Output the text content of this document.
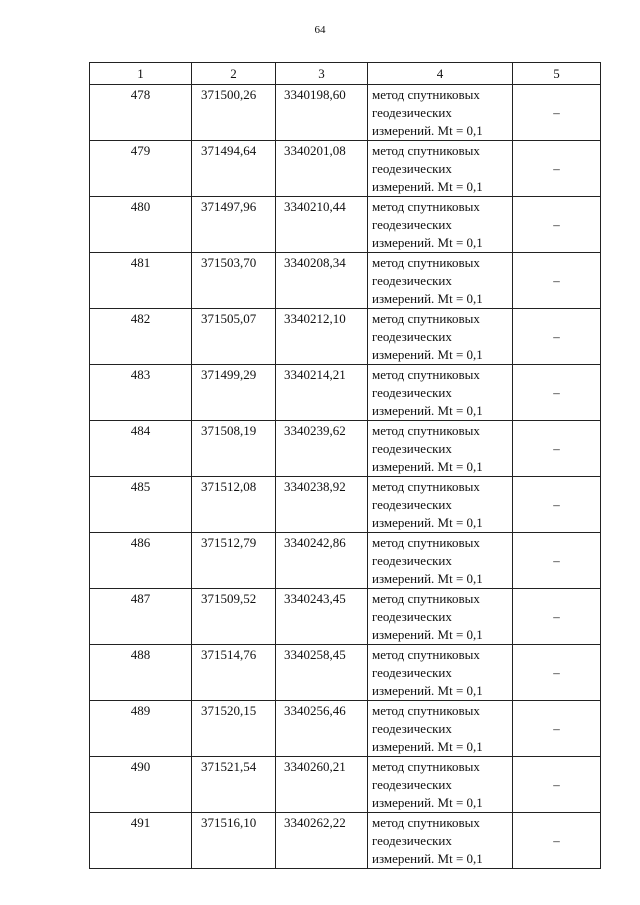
64
1	2	3	4	5
478	371500,26	3340198,60	метод спутниковых
геодезических
измерений. Mt = 0,1	–
479	371494,64	3340201,08	метод спутниковых
геодезических
измерений. Mt = 0,1	–
480	371497,96	3340210,44	метод спутниковых
геодезических
измерений. Mt = 0,1	–
481	371503,70	3340208,34	метод спутниковых
геодезических
измерений. Mt = 0,1	–
482	371505,07	3340212,10	метод спутниковых
геодезических
измерений. Mt = 0,1	–
483	371499,29	3340214,21	метод спутниковых
геодезических
измерений. Mt = 0,1	–
484	371508,19	3340239,62	метод спутниковых
геодезических
измерений. Mt = 0,1	–
485	371512,08	3340238,92	метод спутниковых
геодезических
измерений. Mt = 0,1	–
486	371512,79	3340242,86	метод спутниковых
геодезических
измерений. Mt = 0,1	–
487	371509,52	3340243,45	метод спутниковых
геодезических
измерений. Mt = 0,1	–
488	371514,76	3340258,45	метод спутниковых
геодезических
измерений. Mt = 0,1	–
489	371520,15	3340256,46	метод спутниковых
геодезических
измерений. Mt = 0,1	–
490	371521,54	3340260,21	метод спутниковых
геодезических
измерений. Mt = 0,1	–
491	371516,10	3340262,22	метод спутниковых
геодезических
измерений. Mt = 0,1	–
